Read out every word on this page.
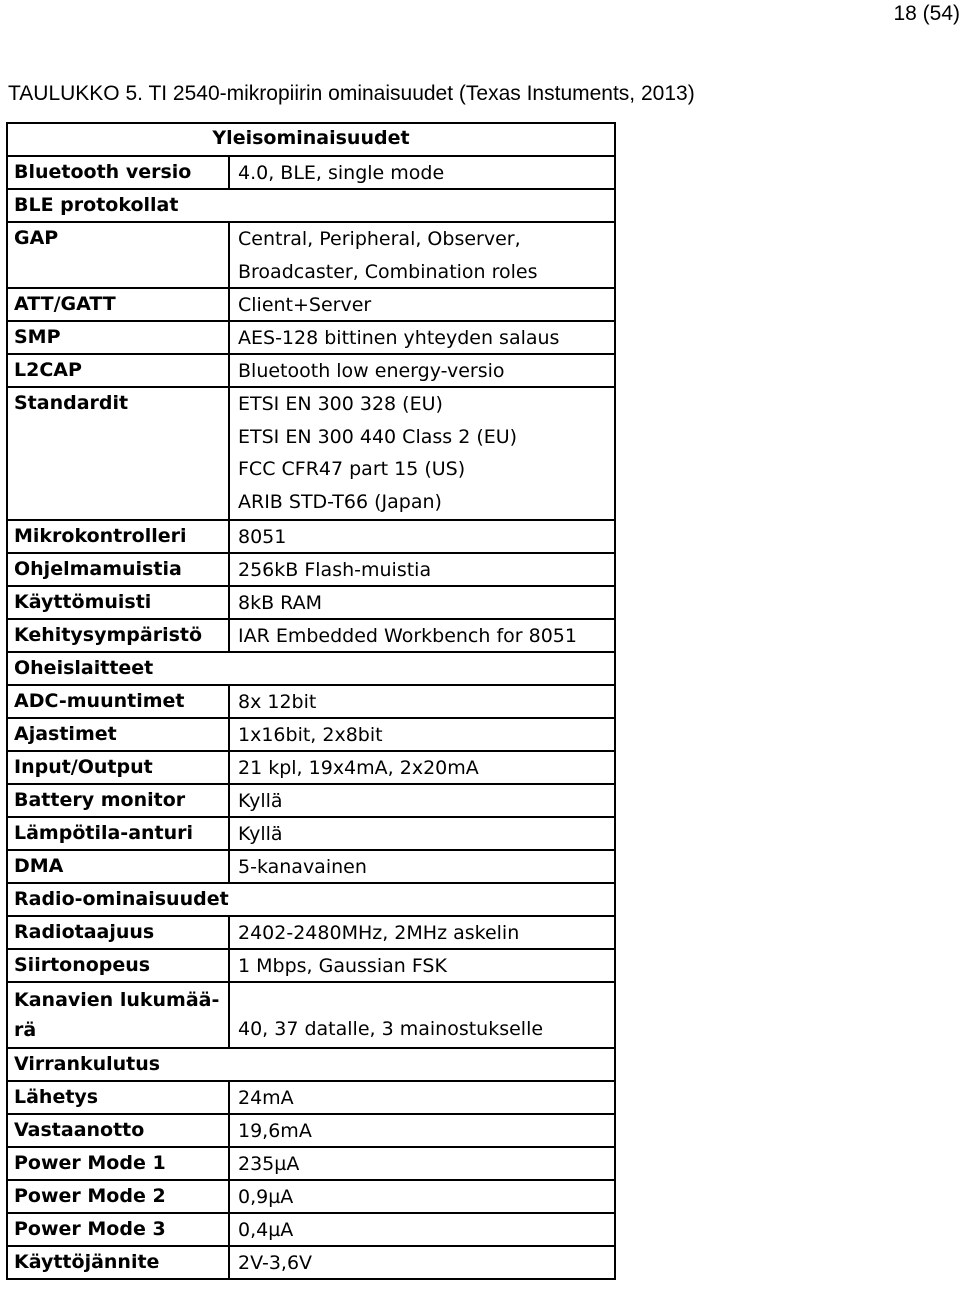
18 (54)
TAULUKKO 5. TI 2540-mikropiirin ominaisuudet (Texas Instuments, 2013)
Yleisominaisuudet
Bluetooth versio	4.0, BLE, single mode
BLE protokollat
GAP	Central, Peripheral, Observer,
Broadcaster, Combination roles
ATT/GATT	Client+Server
SMP	AES-128 bittinen yhteyden salaus
L2CAP	Bluetooth low energy-versio
Standardit	ETSI EN 300 328 (EU)
ETSI EN 300 440 Class 2 (EU)
FCC CFR47 part 15 (US)
ARIB STD-T66 (Japan)
Mikrokontrolleri	8051
Ohjelmamuistia	256kB Flash-muistia
Käyttömuisti	8kB RAM
Kehitysympäristö	IAR Embedded Workbench for 8051
Oheislaitteet
ADC-muuntimet	8x 12bit
Ajastimet	1x16bit, 2x8bit
Input/Output	21 kpl, 19x4mA, 2x20mA
Battery monitor	Kyllä
Lämpötila-anturi	Kyllä
DMA	5-kanavainen
Radio-ominaisuudet
Radiotaajuus	2402-2480MHz, 2MHz askelin
Siirtonopeus	1 Mbps, Gaussian FSK
Kanavien lukumää-
rä	40, 37 datalle, 3 mainostukselle
Virrankulutus
Lähetys	24mA
Vastaanotto	19,6mA
Power Mode 1	235µA
Power Mode 2	0,9µA
Power Mode 3	0,4µA
Käyttöjännite	2V-3,6V
